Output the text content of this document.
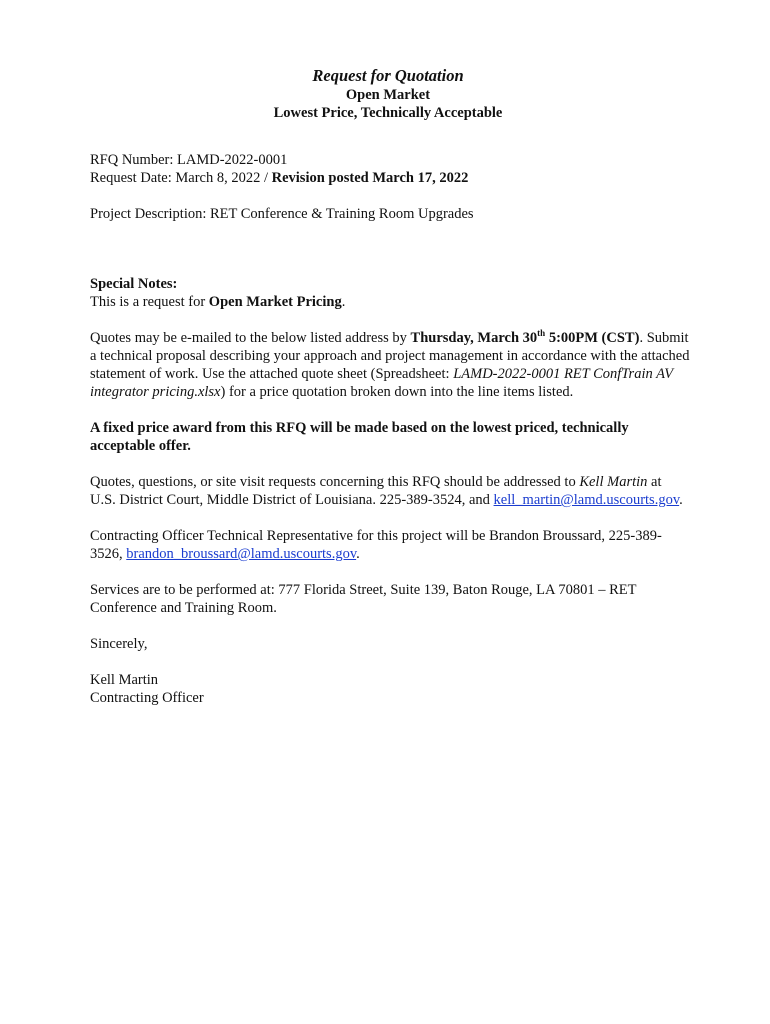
Request for Quotation

Open Market

Lowest Price, Technically Acceptable

RFQ Number: LAMD-2022-0001

Request Date: March 8, 2022 / Revision posted March 17, 2022

Project Description: RET Conference & Training Room Upgrades

Special Notes:

This is a request for Open Market Pricing.

Quotes may be e-mailed to the below listed address by Thursday, March 30th 5:00PM (CST). Submit a technical proposal describing your approach and project management in accordance with the attached statement of work. Use the attached quote sheet (Spreadsheet: LAMD-2022-0001 RET ConfTrain AV integrator pricing.xlsx) for a price quotation broken down into the line items listed.

A fixed price award from this RFQ will be made based on the lowest priced, technically acceptable offer.

Quotes, questions, or site visit requests concerning this RFQ should be addressed to Kell Martin at U.S. District Court, Middle District of Louisiana. 225-389-3524, and kell_martin@lamd.uscourts.gov.

Contracting Officer Technical Representative for this project will be Brandon Broussard, 225-389-3526, brandon_broussard@lamd.uscourts.gov.

Services are to be performed at: 777 Florida Street, Suite 139, Baton Rouge, LA 70801 – RET Conference and Training Room.

Sincerely,

Kell Martin

Contracting Officer
